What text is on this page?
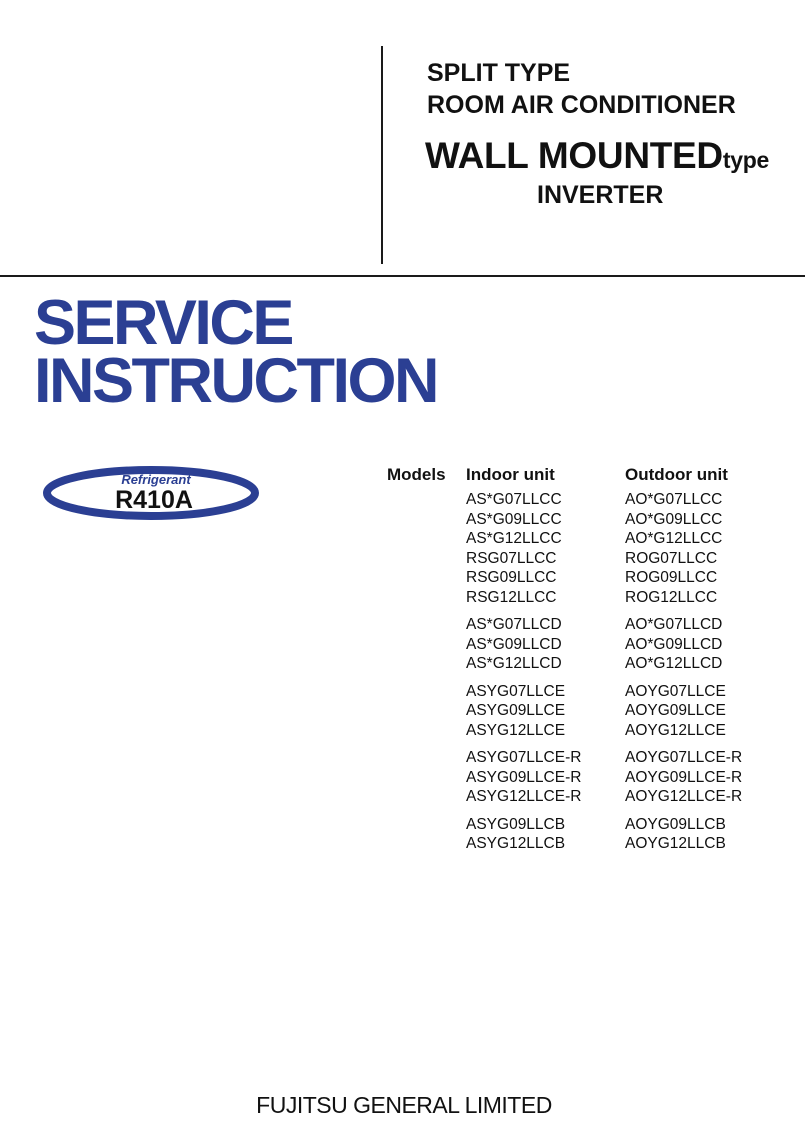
SPLIT TYPE
ROOM AIR CONDITIONER
WALL MOUNTEDtype
INVERTER
SERVICE
INSTRUCTION
Refrigerant
R410A
Models Indoor unit
AS*G07LLCC
AS*G09LLCC
AS*G12LLCC
RSG07LLCC
RSG09LLCC
RSG12LLCC
AS*G07LLCD
AS*G09LLCD
AS*G12LLCD
ASYG07LLCE
ASYG09LLCE
ASYG12LLCE
ASYG07LLCE-R
ASYG09LLCE-R
ASYG12LLCE-R
ASYG09LLCB
ASYG12LLCB
Outdoor unit
AO*G07LLCC
AO*G09LLCC
AO*G12LLCC
ROG07LLCC
ROG09LLCC
ROG12LLCC
AO*G07LLCD
AO*G09LLCD
AO*G12LLCD
AOYG07LLCE
AOYG09LLCE
AOYG12LLCE
AOYG07LLCE-R
AOYG09LLCE-R
AOYG12LLCE-R
AOYG09LLCB
AOYG12LLCB
FUJITSU GENERAL LIMITED
